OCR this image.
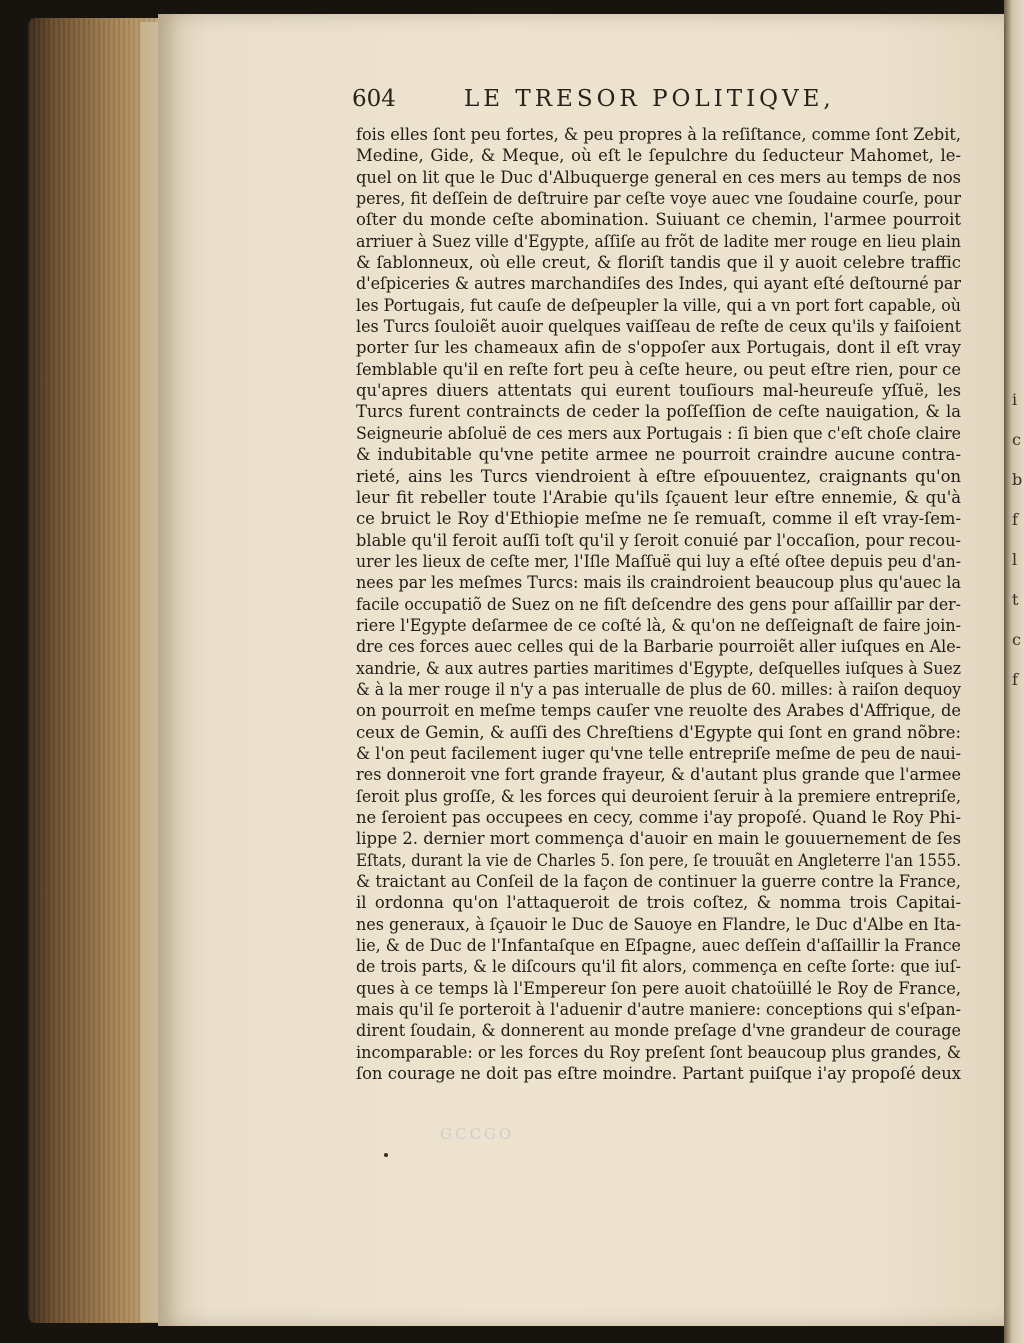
i
c
b
f
l
t
c
f
604	LE TRESOR POLITIQVE,
fois elles ſont peu fortes, & peu propres à la reſiſtance, comme ſont Zebit,
Medine, Gide, & Meque, où eſt le ſepulchre du ſeducteur Mahomet, le-
quel on lit que le Duc d'Albuquerge general en ces mers au temps de nos
peres, fit deſſein de deſtruire par ceſte voye auec vne ſoudaine courſe, pour
oſter du monde ceſte abomination. Suiuant ce chemin, l'armee pourroit
arriuer à Suez ville d'Egypte, aſſiſe au frõt de ladite mer rouge en lieu plain
& ſablonneux, où elle creut, & floriſt tandis que il y auoit celebre traffic
d'eſpiceries & autres marchandiſes des Indes, qui ayant eſté deſtourné par
les Portugais, fut cauſe de deſpeupler la ville, qui a vn port fort capable, où
les Turcs ſouloiẽt auoir quelques vaiſſeau de reſte de ceux qu'ils y faiſoient
porter ſur les chameaux afin de s'oppoſer aux Portugais, dont il eſt vray
ſemblable qu'il en reſte fort peu à ceſte heure, ou peut eſtre rien, pour ce
qu'apres diuers attentats qui eurent touſiours mal-heureuſe yſſuë, les
Turcs furent contraincts de ceder la poſſeſſion de ceſte nauigation, & la
Seigneurie abſoluë de ces mers aux Portugais : ſi bien que c'eſt choſe claire
& indubitable qu'vne petite armee ne pourroit craindre aucune contra-
rieté, ains les Turcs viendroient à eſtre eſpouuentez, craignants qu'on
leur fit rebeller toute l'Arabie qu'ils ſçauent leur eſtre ennemie, & qu'à
ce bruict le Roy d'Ethiopie meſme ne ſe remuaſt, comme il eſt vray-ſem-
blable qu'il feroit auſſi toſt qu'il y ſeroit conuié par l'occaſion, pour recou-
urer les lieux de ceſte mer, l'Iſle Maſſuë qui luy a eſté oſtee depuis peu d'an-
nees par les meſmes Turcs: mais ils craindroient beaucoup plus qu'auec la
facile occupatiõ de Suez on ne fiſt deſcendre des gens pour aſſaillir par der-
riere l'Egypte deſarmee de ce coſté là, & qu'on ne deſſeignaſt de faire join-
dre ces forces auec celles qui de la Barbarie pourroiẽt aller iuſques en Ale-
xandrie, & aux autres parties maritimes d'Egypte, deſquelles iuſques à Suez
& à la mer rouge il n'y a pas interualle de plus de 60. milles: à raiſon dequoy
on pourroit en meſme temps cauſer vne reuolte des Arabes d'Affrique, de
ceux de Gemin, & auſſi des Chreſtiens d'Egypte qui ſont en grand nõbre:
& l'on peut facilement iuger qu'vne telle entrepriſe meſme de peu de naui-
res donneroit vne fort grande frayeur, & d'autant plus grande que l'armee
ſeroit plus groſſe, & les forces qui deuroient ſeruir à la premiere entrepriſe,
ne ſeroient pas occupees en cecy, comme i'ay propoſé. Quand le Roy Phi-
lippe 2. dernier mort commença d'auoir en main le gouuernement de ſes
Eſtats, durant la vie de Charles 5. ſon pere, ſe trouuãt en Angleterre l'an 1555.
& traictant au Conſeil de la façon de continuer la guerre contre la France,
il ordonna qu'on l'attaqueroit de trois coſtez, & nomma trois Capitai-
nes generaux, à ſçauoir le Duc de Sauoye en Flandre, le Duc d'Albe en Ita-
lie, & de Duc de l'Infantaſque en Eſpagne, auec deſſein d'aſſaillir la France
de trois parts, & le diſcours qu'il fit alors, commença en ceſte ſorte: que iuſ-
ques à ce temps là l'Empereur ſon pere auoit chatoüillé le Roy de France,
mais qu'il ſe porteroit à l'aduenir d'autre maniere: conceptions qui s'eſpan-
dirent ſoudain, & donnerent au monde preſage d'vne grandeur de courage
incomparable: or les forces du Roy preſent ſont beaucoup plus grandes, &
ſon courage ne doit pas eſtre moindre. Partant puiſque i'ay propoſé deux
GCCGO
